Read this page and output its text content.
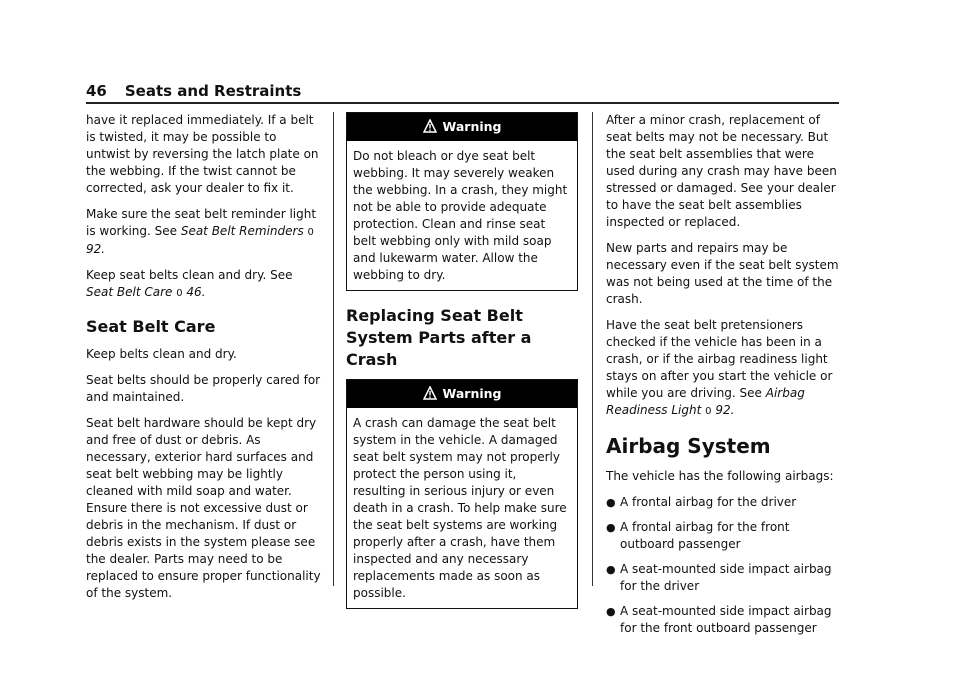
46 Seats and Restraints

have it replaced immediately. If a belt is twisted, it may be possible to untwist by reversing the latch plate on the webbing. If the twist cannot be corrected, ask your dealer to fix it.

Make sure the seat belt reminder light is working. See Seat Belt Reminders 0 92.

Keep seat belts clean and dry. See Seat Belt Care 0 46.

Seat Belt Care

Keep belts clean and dry.

Seat belts should be properly cared for and maintained.

Seat belt hardware should be kept dry and free of dust or debris. As necessary, exterior hard surfaces and seat belt webbing may be lightly cleaned with mild soap and water. Ensure there is not excessive dust or debris in the mechanism. If dust or debris exists in the system please see the dealer. Parts may need to be replaced to ensure proper functionality of the system.

Warning
Do not bleach or dye seat belt webbing. It may severely weaken the webbing. In a crash, they might not be able to provide adequate protection. Clean and rinse seat belt webbing only with mild soap and lukewarm water. Allow the webbing to dry.
Replacing Seat Belt System Parts after a Crash
Warning
A crash can damage the seat belt system in the vehicle. A damaged seat belt system may not properly protect the person using it, resulting in serious injury or even death in a crash. To help make sure the seat belt systems are working properly after a crash, have them inspected and any necessary replacements made as soon as possible.

After a minor crash, replacement of seat belts may not be necessary. But the seat belt assemblies that were used during any crash may have been stressed or damaged. See your dealer to have the seat belt assemblies inspected or replaced.

New parts and repairs may be necessary even if the seat belt system was not being used at the time of the crash.

Have the seat belt pretensioners checked if the vehicle has been in a crash, or if the airbag readiness light stays on after you start the vehicle or while you are driving. See Airbag Readiness Light 0 92.

Airbag System

The vehicle has the following airbags:

● A frontal airbag for the driver
● A frontal airbag for the front outboard passenger
● A seat-mounted side impact airbag for the driver
● A seat-mounted side impact airbag for the front outboard passenger
